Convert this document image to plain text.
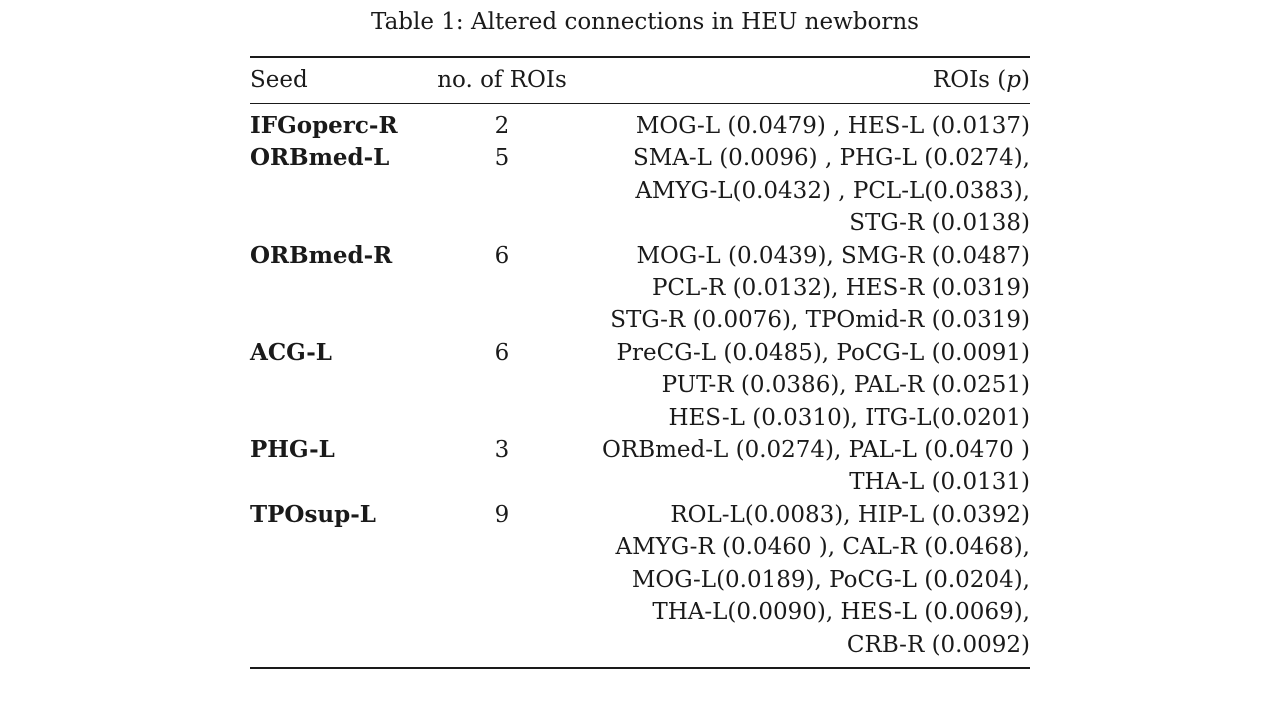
Table 1: Altered connections in HEU newborns
Seed	no. of ROIs	ROIs (p)

IFGoperc-R	2	MOG-L (0.0479) , HES-L (0.0137)
ORBmed-L	5	SMA-L (0.0096) , PHG-L (0.0274),
		AMYG-L(0.0432) , PCL-L(0.0383),
		STG-R (0.0138)
ORBmed-R	6	MOG-L (0.0439), SMG-R (0.0487)
		PCL-R (0.0132), HES-R (0.0319)
		STG-R (0.0076), TPOmid-R (0.0319)
ACG-L	6	PreCG-L (0.0485), PoCG-L (0.0091)
		PUT-R (0.0386), PAL-R (0.0251)
		HES-L (0.0310), ITG-L(0.0201)
PHG-L	3	ORBmed-L (0.0274), PAL-L (0.0470 )
		THA-L (0.0131)
TPOsup-L	9	ROL-L(0.0083), HIP-L (0.0392)
		AMYG-R (0.0460 ), CAL-R (0.0468),
		MOG-L(0.0189), PoCG-L (0.0204),
		THA-L(0.0090), HES-L (0.0069),
		CRB-R (0.0092)
